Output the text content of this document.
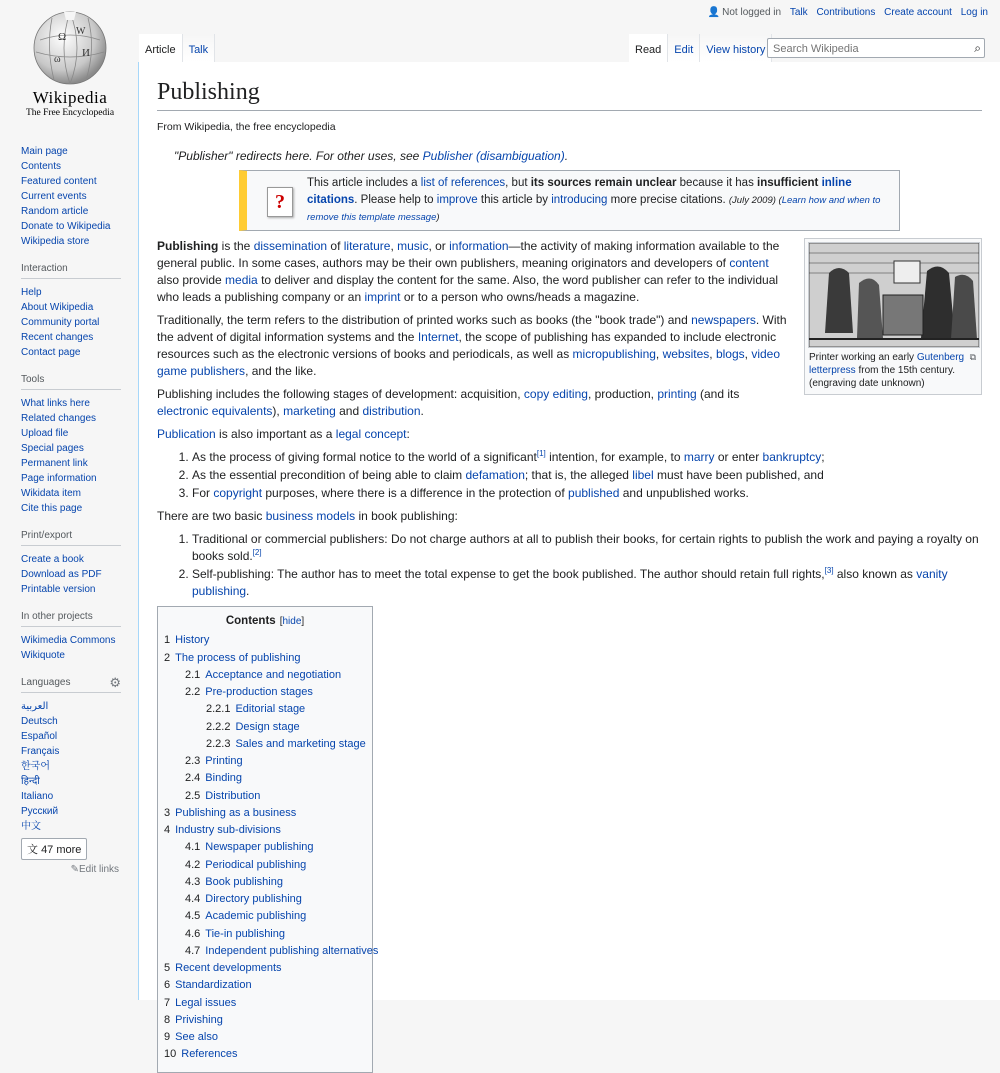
Ω W
И
ω
Wikipedia
The Free Encyclopedia
Main page
Contents
Featured content
Current events
Random article
Donate to Wikipedia
Wikipedia store
Interaction
Help
About Wikipedia
Community portal
Recent changes
Contact page
Tools
What links here
Related changes
Upload file
Special pages
Permanent link
Page information
Wikidata item
Cite this page
Print/export
Create a book
Download as PDF
Printable version
In other projects
Wikimedia Commons
Wikiquote
Languages	⚙
العربية
Deutsch
Español
Français
한국어
हिन्दी
Italiano
Русский
中文
文 47 more
✎Edit links
👤 Not logged in Talk Contributions Create account Log in
Article	Talk	Read	Edit	View history
Search Wikipedia	⌕
Publishing
From Wikipedia, the free encyclopedia
"Publisher" redirects here. For other uses, see Publisher (disambiguation).
?
This article includes a list of references, but its sources remain unclear because it has insufficient inline citations. Please help to improve this article by introducing more precise citations. (July 2009) (Learn how and when to remove this template message)
⧉
Printer working an early Gutenberg letterpress from the 15th century. (engraving date unknown)

Publishing is the dissemination of literature, music, or information—the activity of making information available to the general public. In some cases, authors may be their own publishers, meaning originators and developers of content also provide media to deliver and display the content for the same. Also, the word publisher can refer to the individual who leads a publishing company or an imprint or to a person who owns/heads a magazine.

Traditionally, the term refers to the distribution of printed works such as books (the "book trade") and newspapers. With the advent of digital information systems and the Internet, the scope of publishing has expanded to include electronic resources such as the electronic versions of books and periodicals, as well as micropublishing, websites, blogs, video game publishers, and the like.

Publishing includes the following stages of development: acquisition, copy editing, production, printing (and its electronic equivalents), marketing and distribution.

Publication is also important as a legal concept:

1. As the process of giving formal notice to the world of a significant[1] intention, for example, to marry or enter bankruptcy;
2. As the essential precondition of being able to claim defamation; that is, the alleged libel must have been published, and
3. For copyright purposes, where there is a difference in the protection of published and unpublished works.

There are two basic business models in book publishing:

1. Traditional or commercial publishers: Do not charge authors at all to publish their books, for certain rights to publish the work and paying a royalty on books sold.[2]
2. Self-publishing: The author has to meet the total expense to get the book published. The author should retain full rights,[3] also known as vanity publishing.
Contents [hide]
1 History
2 The process of publishing
2.1 Acceptance and negotiation
2.2 Pre-production stages
2.2.1 Editorial stage
2.2.2 Design stage
2.2.3 Sales and marketing stage
2.3 Printing
2.4 Binding
2.5 Distribution
3 Publishing as a business
4 Industry sub-divisions
4.1 Newspaper publishing
4.2 Periodical publishing
4.3 Book publishing
4.4 Directory publishing
4.5 Academic publishing
4.6 Tie-in publishing
4.7 Independent publishing alternatives
5 Recent developments
6 Standardization
7 Legal issues
8 Privishing
9 See also
10 References
